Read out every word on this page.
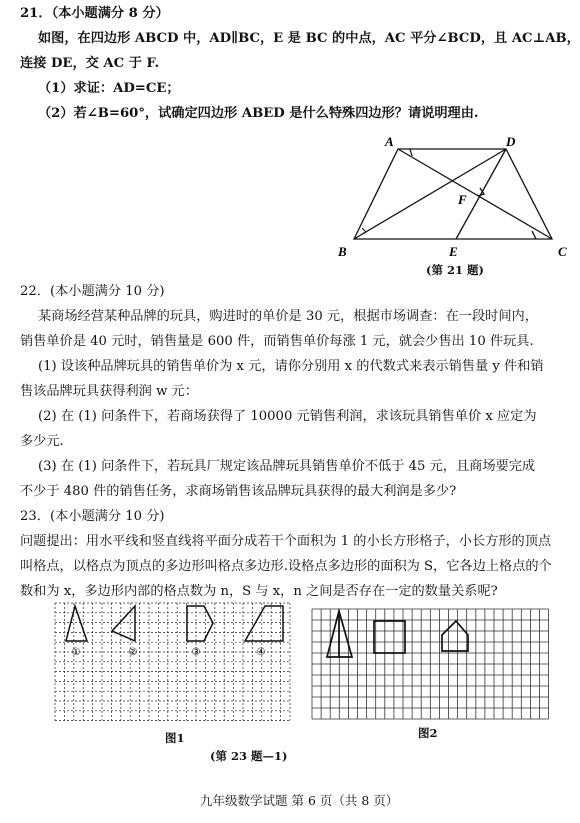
21．（本小题满分 8 分）
如图，在四边形 ABCD 中，AD∥BC，E 是 BC 的中点，AC 平分∠BCD，且 AC⊥AB，
连接 DE，交 AC 于 F.
（1）求证：AD=CE；
（2）若∠B=60°，试确定四边形 ABED 是什么特殊四边形？请说明理由.
A	D
B	E	C
F
(第 21 题)
22．(本小题满分 10 分)
某商场经营某种品牌的玩具，购进时的单价是 30 元，根据市场调查：在一段时间内，
销售单价是 40 元时，销售量是 600 件，而销售单价每涨 1 元，就会少售出 10 件玩具.
(1) 设该种品牌玩具的销售单价为 x 元，请你分别用 x 的代数式来表示销售量 y 件和销
售该品牌玩具获得利润 w 元：
(2) 在 (1) 问条件下，若商场获得了 10000 元销售利润，求该玩具销售单价 x 应定为
多少元.
(3) 在 (1) 问条件下，若玩具厂规定该品牌玩具销售单价不低于 45 元，且商场要完成
不少于 480 件的销售任务，求商场销售该品牌玩具获得的最大利润是多少?
23．(本小题满分 10 分)
问题提出：用水平线和竖直线将平面分成若干个面积为 1 的小长方形格子，小长方形的顶点
叫格点，以格点为顶点的多边形叫格点多边形.设格点多边形的面积为 S，它各边上格点的个
数和为 x，多边形内部的格点数为 n，S 与 x，n 之间是否存在一定的数量关系呢?
①	②	③	④
图1	图2
(第 23 题—1)
九年级数学试题 第 6 页（共 8 页）
